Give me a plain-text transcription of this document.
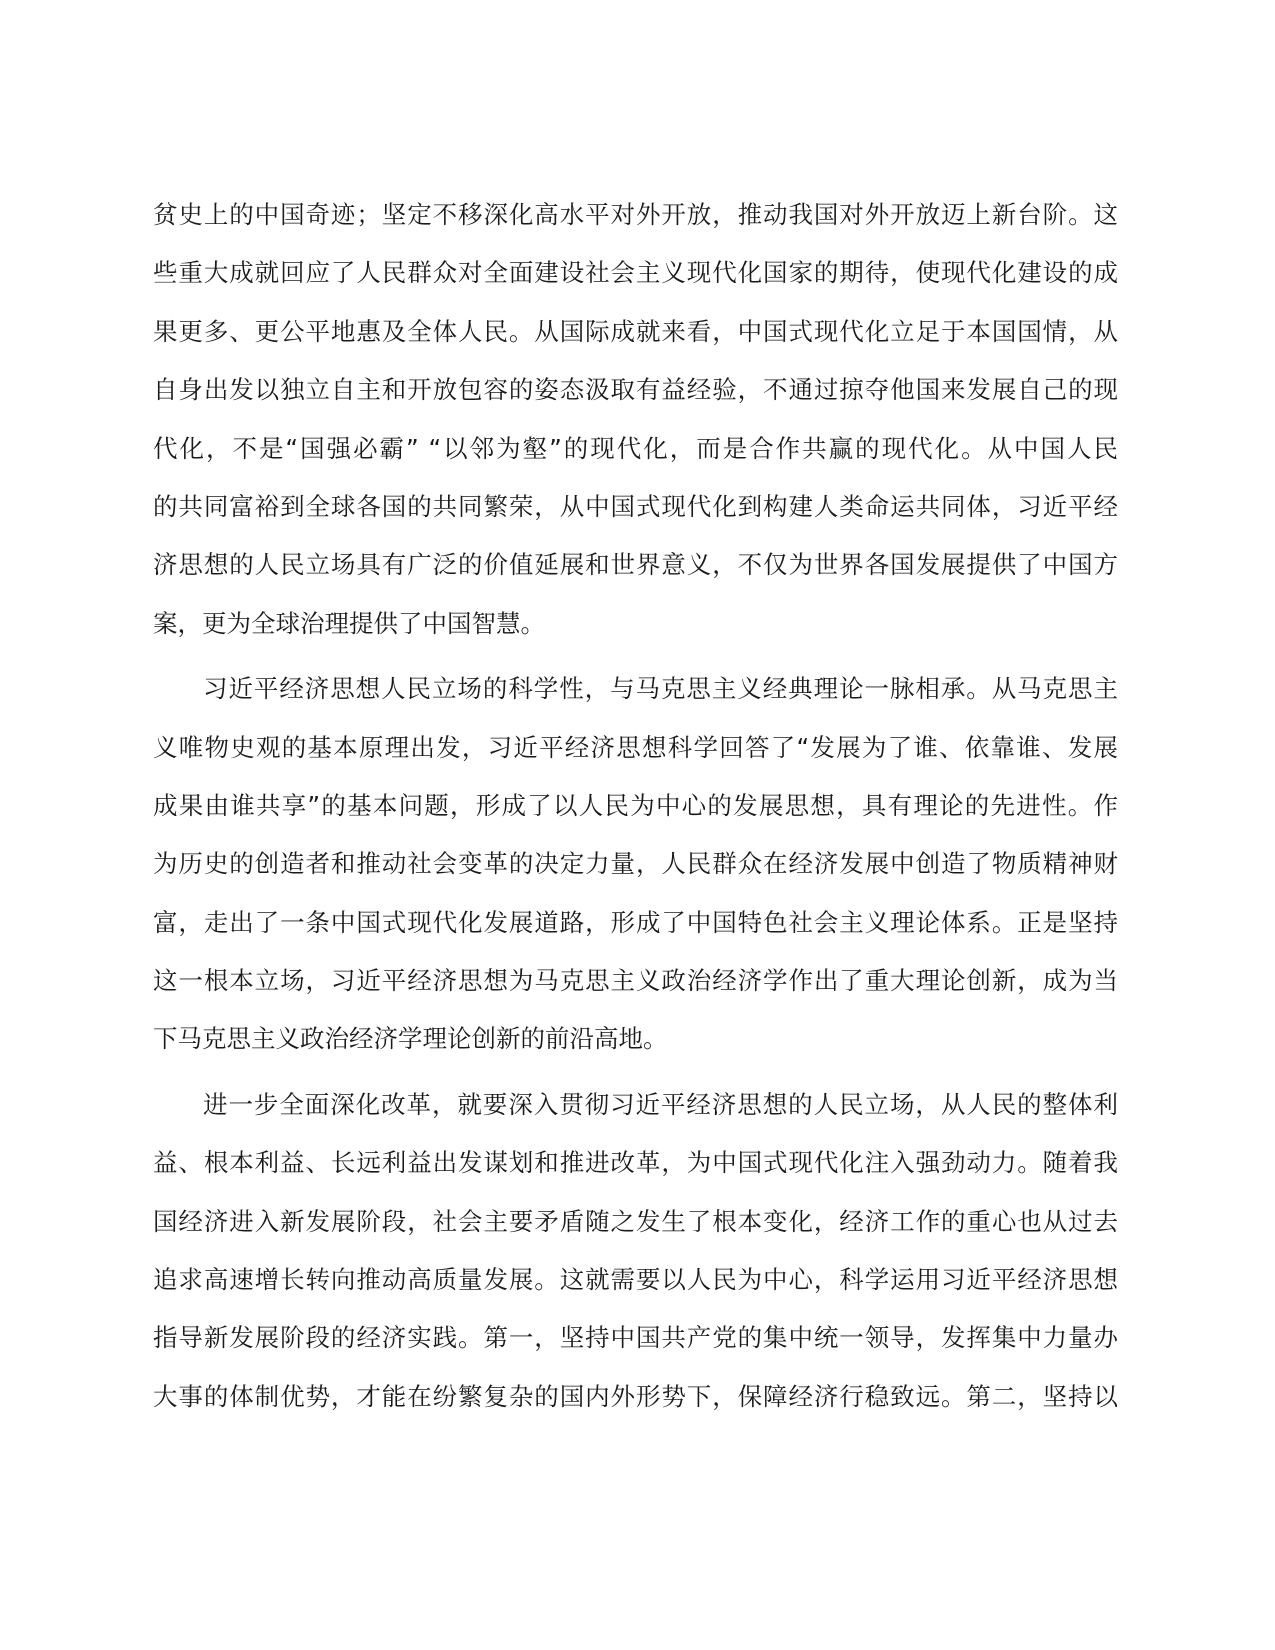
贫史上的中国奇迹；坚定不移深化高水平对外开放，推动我国对外开放迈上新台阶。这
些重大成就回应了人民群众对全面建设社会主义现代化国家的期待，使现代化建设的成
果更多、更公平地惠及全体人民。从国际成就来看，中国式现代化立足于本国国情，从
自身出发以独立自主和开放包容的姿态汲取有益经验，不通过掠夺他国来发展自己的现
代化，不是“国强必霸” “以邻为壑”的现代化，而是合作共赢的现代化。从中国人民
的共同富裕到全球各国的共同繁荣，从中国式现代化到构建人类命运共同体，习近平经
济思想的人民立场具有广泛的价值延展和世界意义，不仅为世界各国发展提供了中国方
案，更为全球治理提供了中国智慧。
习近平经济思想人民立场的科学性，与马克思主义经典理论一脉相承。从马克思主
义唯物史观的基本原理出发，习近平经济思想科学回答了“发展为了谁、依靠谁、发展
成果由谁共享”的基本问题，形成了以人民为中心的发展思想，具有理论的先进性。作
为历史的创造者和推动社会变革的决定力量，人民群众在经济发展中创造了物质精神财
富，走出了一条中国式现代化发展道路，形成了中国特色社会主义理论体系。正是坚持
这一根本立场，习近平经济思想为马克思主义政治经济学作出了重大理论创新，成为当
下马克思主义政治经济学理论创新的前沿高地。
进一步全面深化改革，就要深入贯彻习近平经济思想的人民立场，从人民的整体利
益、根本利益、长远利益出发谋划和推进改革，为中国式现代化注入强劲动力。随着我
国经济进入新发展阶段，社会主要矛盾随之发生了根本变化，经济工作的重心也从过去
追求高速增长转向推动高质量发展。这就需要以人民为中心，科学运用习近平经济思想
指导新发展阶段的经济实践。第一，坚持中国共产党的集中统一领导，发挥集中力量办
大事的体制优势，才能在纷繁复杂的国内外形势下，保障经济行稳致远。第二，坚持以
